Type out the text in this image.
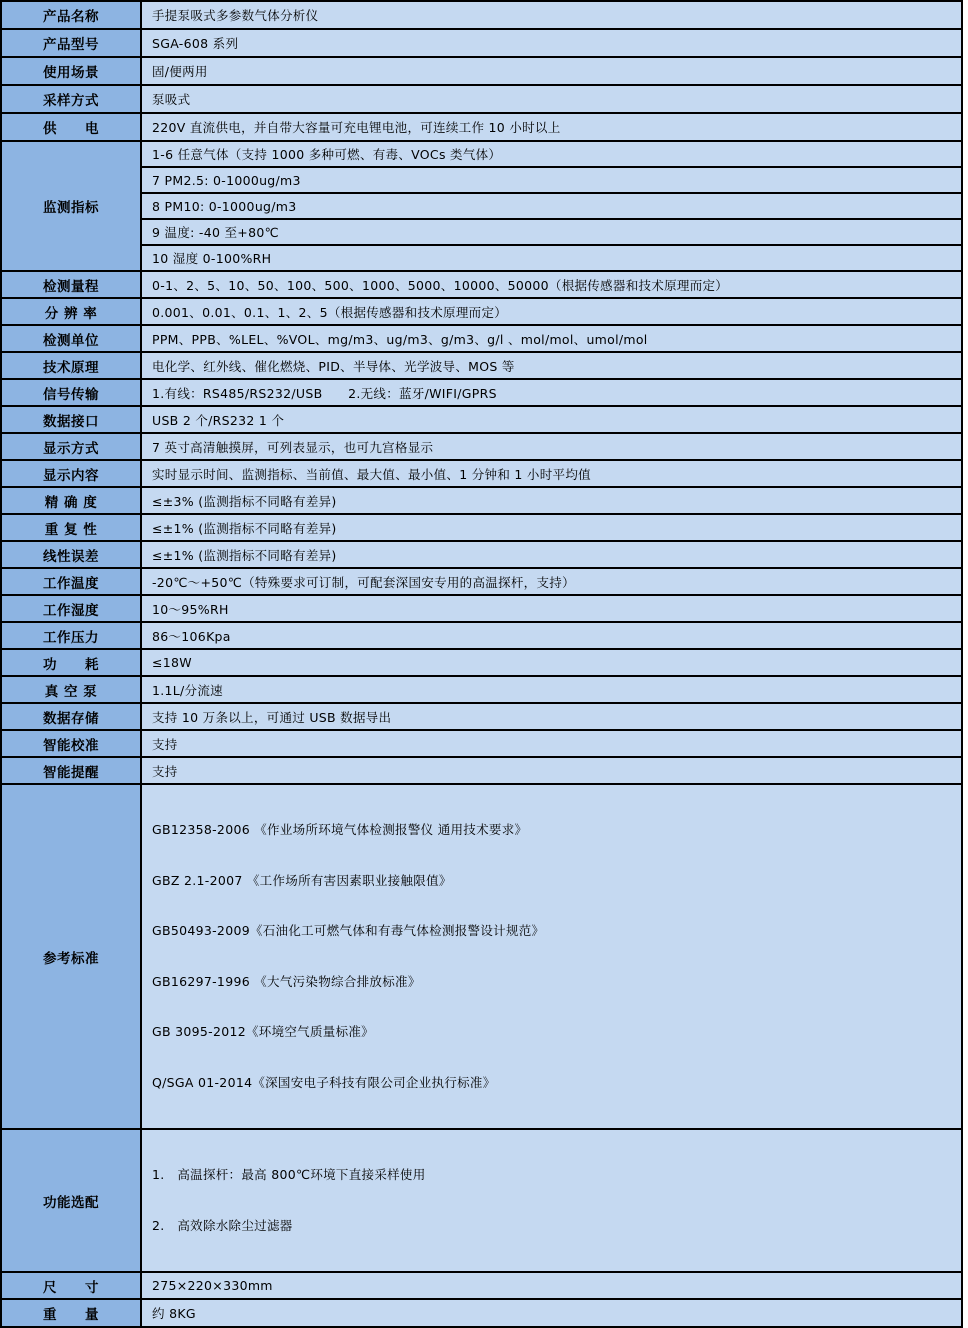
产品名称	手提泵吸式多参数气体分析仪
产品型号	SGA-608 系列
使用场景	固/便两用
采样方式	泵吸式
供　　电	220V 直流供电，并自带大容量可充电锂电池，可连续工作 10 小时以上
监测指标	1-6 任意气体（支持 1000 多种可燃、有毒、VOCs 类气体）
	7 PM2.5: 0-1000ug/m3
	8 PM10: 0-1000ug/m3
	9 温度: -40 至+80℃
	10 湿度 0-100%RH
检测量程	0-1、2、5、10、50、100、500、1000、5000、10000、50000（根据传感器和技术原理而定）
分 辨 率	0.001、0.01、0.1、1、2、5（根据传感器和技术原理而定）
检测单位	PPM、PPB、%LEL、%VOL、mg/m3、ug/m3、g/m3、g/l 、mol/mol、umol/mol
技术原理	电化学、红外线、催化燃烧、PID、半导体、光学波导、MOS 等
信号传输	1.有线：RS485/RS232/USB      2.无线：蓝牙/WIFI/GPRS
数据接口	USB 2 个/RS232 1 个
显示方式	7 英寸高清触摸屏，可列表显示，也可九宫格显示
显示内容	实时显示时间、监测指标、当前值、最大值、最小值、1 分钟和 1 小时平均值
精 确 度	≤±3% (监测指标不同略有差异)
重 复 性	≤±1% (监测指标不同略有差异)
线性误差	≤±1% (监测指标不同略有差异)
工作温度	-20℃～+50℃（特殊要求可订制，可配套深国安专用的高温探杆，支持）
工作湿度	10～95%RH
工作压力	86～106Kpa
功　　耗	≤18W
真 空 泵	1.1L/分流速
数据存储	支持 10 万条以上，可通过 USB 数据导出
智能校准	支持
智能提醒	支持
参考标准	

GB12358-2006 《作业场所环境气体检测报警仪 通用技术要求》

GBZ 2.1-2007 《工作场所有害因素职业接触限值》

GB50493-2009《石油化工可燃气体和有毒气体检测报警设计规范》

GB16297-1996 《大气污染物综合排放标准》

GB 3095-2012《环境空气质量标准》

Q/SGA 01-2014《深国安电子科技有限公司企业执行标准》

功能选配	1.   高温探杆：最高 800℃环境下直接采样使用

2.   高效除水除尘过滤器

尺　　寸	275×220×330mm
重　　量	约 8KG
